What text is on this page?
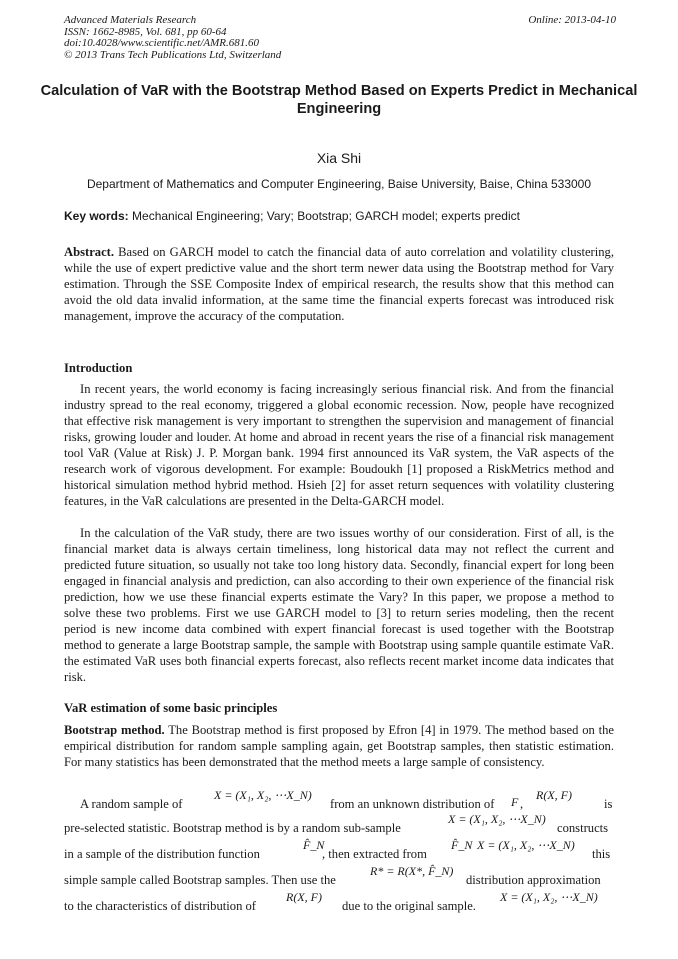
Advanced Materials Research
ISSN: 1662-8985, Vol. 681, pp 60-64
doi:10.4028/www.scientific.net/AMR.681.60
© 2013 Trans Tech Publications Ltd, Switzerland
Online: 2013-04-10
Calculation of VaR with the Bootstrap Method Based on Experts Predict in Mechanical Engineering
Xia Shi
Department of Mathematics and Computer Engineering, Baise University, Baise, China 533000
Key words: Mechanical Engineering; Vary; Bootstrap; GARCH model; experts predict
Abstract. Based on GARCH model to catch the financial data of auto correlation and volatility clustering, while the use of expert predictive value and the short term newer data using the Bootstrap method for Vary estimation. Through the SSE Composite Index of empirical research, the results show that this method can avoid the old data invalid information, at the same time the financial experts forecast was introduced risk management, improve the accuracy of the computation.
Introduction

In recent years, the world economy is facing increasingly serious financial risk. And from the financial industry spread to the real economy, triggered a global economic recession. Now, people have recognized that effective risk management is very important to strengthen the supervision and management of financial risks, growing louder and louder. At home and abroad in recent years the rise of a financial risk management tool VaR (Value at Risk) J. P. Morgan bank. 1994 first announced its VaR system, the VaR aspects of the research work of vigorous development. For example: Boudoukh [1] proposed a RiskMetrics method and historical simulation method hybrid method. Hsieh [2] for asset return sequences with volatility clustering features, in the VaR calculations are presented in the Delta-GARCH model.

In the calculation of the VaR study, there are two issues worthy of our consideration. First of all, is the financial market data is always certain timeliness, long historical data may not reflect the current and predicted future situation, so usually not take too long history data. Secondly, financial expert for long been engaged in financial analysis and prediction, can also according to their own experience of the financial risk prediction, how we use these financial experts estimate the Vary? In this paper, we propose a method to solve these two problems. First we use GARCH model to [3] to return series modeling, then the recent period is new income data combined with expert financial forecast is used together with the Bootstrap method to generate a large Bootstrap sample, the sample with Bootstrap using sample quantile estimate VaR. the estimated VaR uses both financial experts forecast, also reflects recent market income data indicates that risk.

VaR estimation of some basic principles
Bootstrap method. The Bootstrap method is first proposed by Efron [4] in 1979. The method based on the empirical distribution for random sample sampling again, get Bootstrap samples, then statistic estimation. For many statistics has been demonstrated that the method meets a large sample of consistency.
A random sample of
X = (X₁, X₂, ⋯X_N)
from an unknown distribution of F ,
R(X, F)
is
pre-selected statistic. Bootstrap method is by a random sub-sample
X = (X₁, X₂, ⋯X_N)
constructs
in a sample of the distribution function
F̂_N
, then extracted from
F̂_N X = (X₁, X₂, ⋯X_N)
this
simple sample called Bootstrap samples. Then use the
R* = R(X*, F̂_N)
distribution approximation
to the characteristics of distribution of
R(X, F)
due to the original sample.
X = (X₁, X₂, ⋯X_N)
